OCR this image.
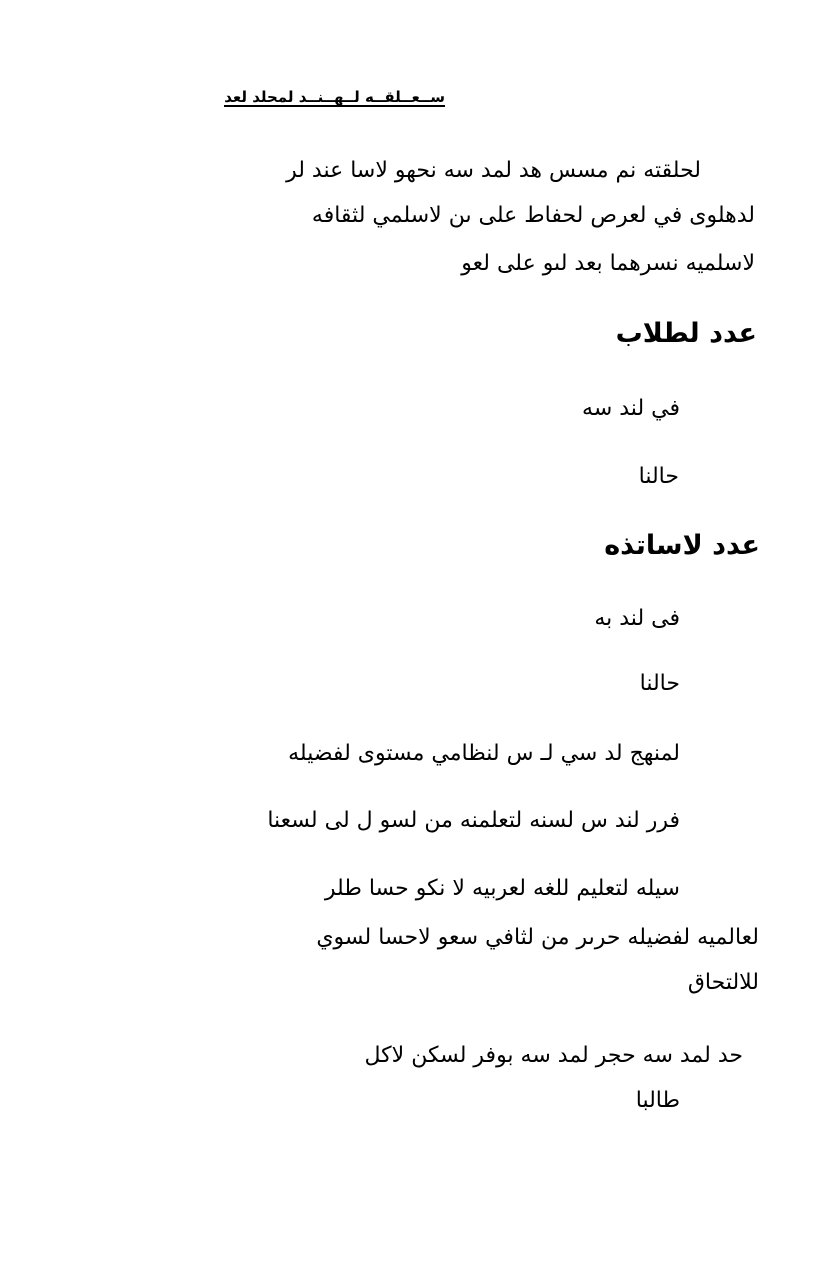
ســعــلقــه لــهــنــد لمحلد لعد
لحلقته نم مسس هد لمد سه نحهو لاسا عند لر
لدهلوى في لعرص لحفاط على ىن لاسلمي لثقافه
لاسلميه نسرهما بعد لىو على لعو
عدد لطلاب
في لند سه
حالنا
عدد لاساتذه
فى لند به
حالنا
لمنهج لد سي لـ س لنظامي مستوى لفضيله
فرر لند س لسنه لتعلمنه من لسو ل لى لسعنا
سيله لتعليم للغه لعربيه لا نكو حسا طلر
لعالميه لفضيله حرىر من لثافي سعو لاحسا لسوي
للالتحاق
حد لمد سه حجر لمد سه بوفر لسكن لاكل
طالبا
